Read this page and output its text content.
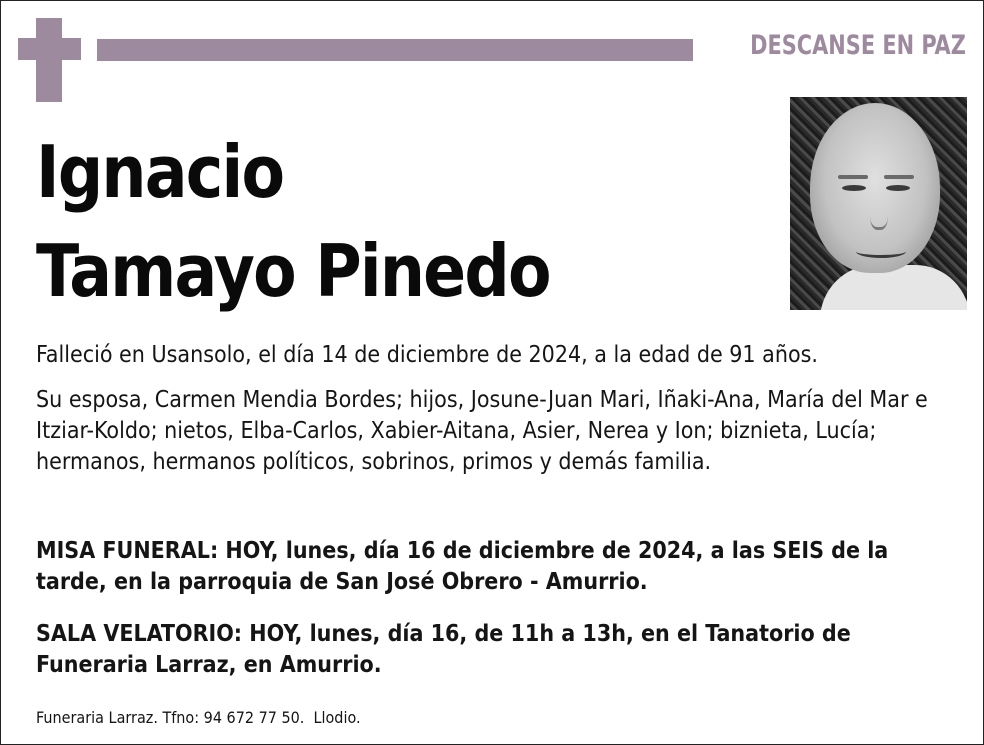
DESCANSE EN PAZ
Ignacio
Tamayo Pinedo
Falleció en Usansolo, el día 14 de diciembre de 2024, a la edad de 91 años.
Su esposa, Carmen Mendia Bordes; hijos, Josune-Juan Mari, Iñaki-Ana, María del Mar e Itziar-Koldo; nietos, Elba-Carlos, Xabier-Aitana, Asier, Nerea y Ion; biznieta, Lucía; hermanos, hermanos políticos, sobrinos, primos y demás familia.
MISA FUNERAL: HOY, lunes, día 16 de diciembre de 2024, a las SEIS de la tarde, en la parroquia de San José Obrero - Amurrio.
SALA VELATORIO: HOY, lunes, día 16, de 11h a 13h, en el Tanatorio de Funeraria Larraz, en Amurrio.
Funeraria Larraz. Tfno: 94 672 77 50.  Llodio.
